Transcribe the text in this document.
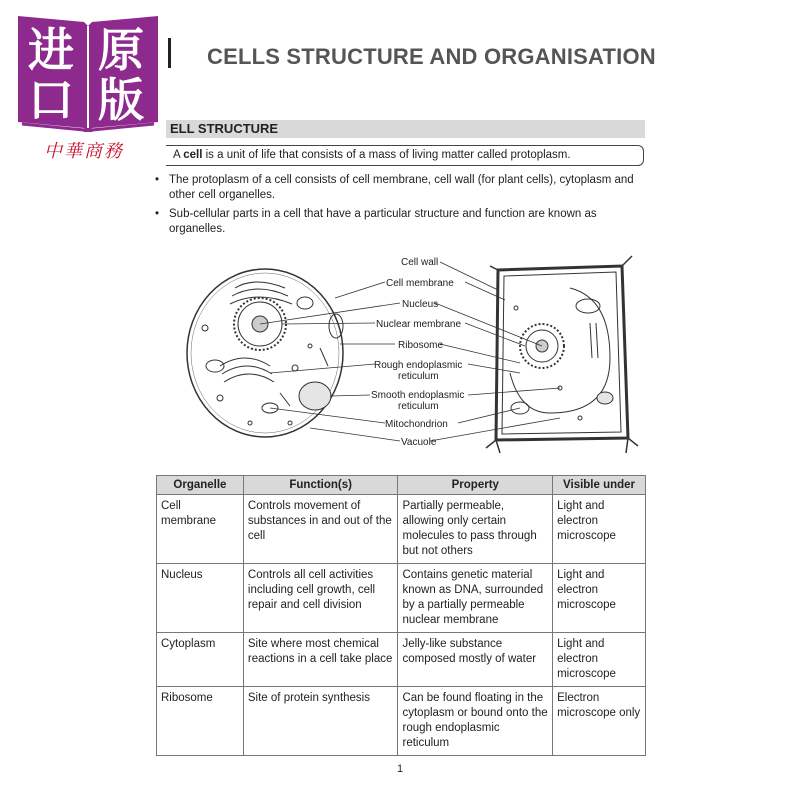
进 原
口 版
中華商務
CELLS STRUCTURE AND ORGANISATION
ELL STRUCTURE
A cell is a unit of life that consists of a mass of living matter called protoplasm.
• The protoplasm of a cell consists of cell membrane, cell wall (for plant cells), cytoplasm and other cell organelles.
• Sub-cellular parts in a cell that have a particular structure and function are known as organelles.
Cell wall
Cell membrane
Nucleus
Nuclear membrane
Ribosome
Rough endoplasmic
reticulum
Smooth endoplasmic
reticulum
Mitochondrion
Vacuole
Organelle	Function(s)	Property	Visible under
Cell membrane	Controls movement of substances in and out of the cell	Partially permeable, allowing only certain molecules to pass through but not others	Light and electron microscope
Nucleus	Controls all cell activities including cell growth, cell repair and cell division	Contains genetic material known as DNA, surrounded by a partially permeable nuclear membrane	Light and electron microscope
Cytoplasm	Site where most chemical reactions in a cell take place	Jelly-like substance composed mostly of water	Light and electron microscope
Ribosome	Site of protein synthesis	Can be found floating in the cytoplasm or bound onto the rough endoplasmic reticulum	Electron microscope only
1
